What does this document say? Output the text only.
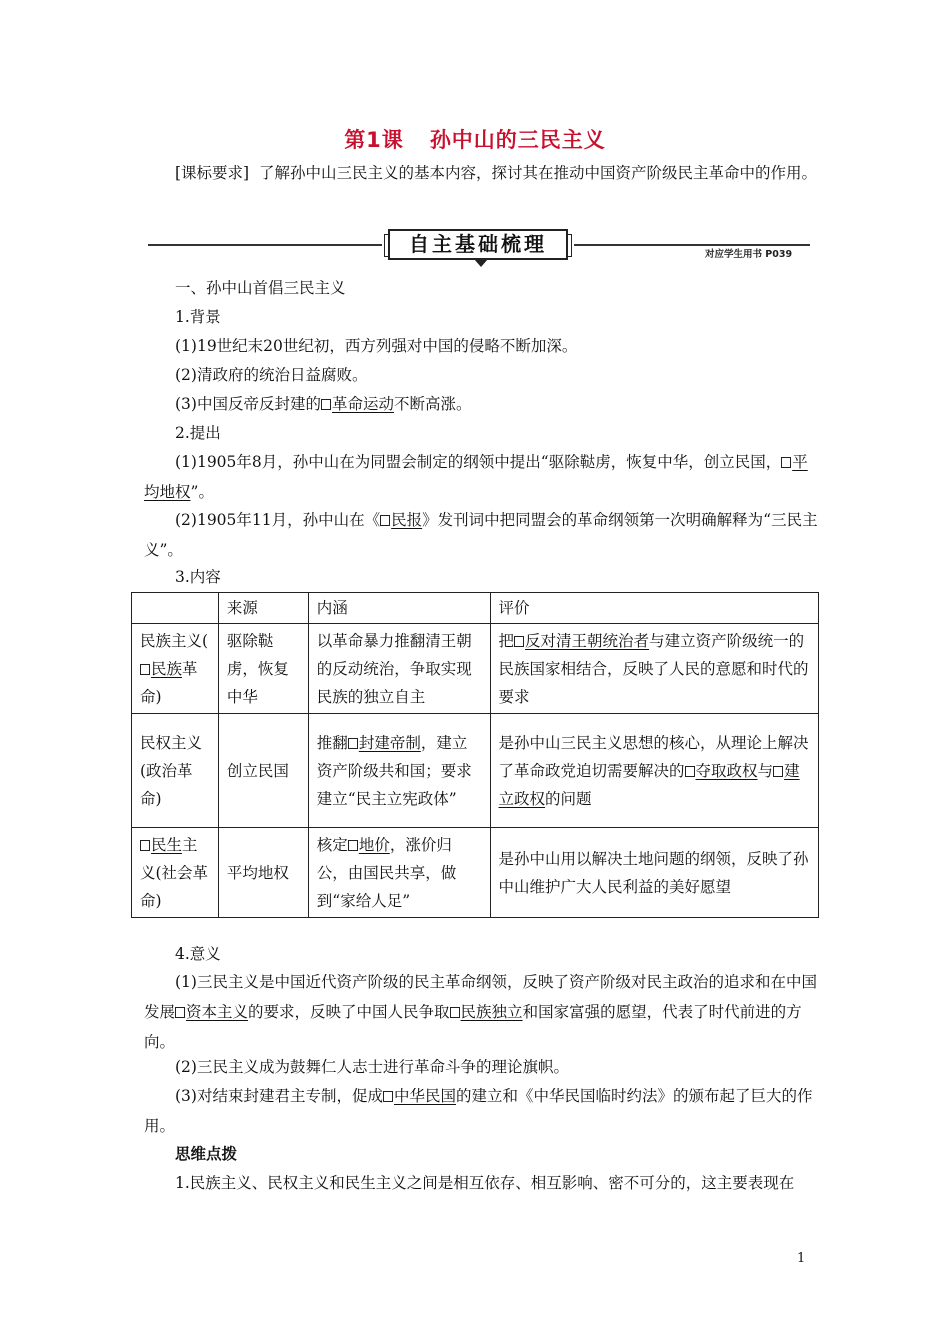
第1课 孙中山的三民主义

[课标要求] 了解孙中山三民主义的基本内容，探讨其在推动中国资产阶级民主革命中的作用。

自主基础梳理	对应学生用书 P039

一、孙中山首倡三民主义

1.背景

(1)19世纪末20世纪初，西方列强对中国的侵略不断加深。

(2)清政府的统治日益腐败。

(3)中国反帝反封建的 革命运动不断高涨。

2.提出

(1)1905年8月，孙中山在为同盟会制定的纲领中提出“驱除鞑虏，恢复中华，创立民国， 平均地权”。

(2)1905年11月，孙中山在《 民报》发刊词中把同盟会的革命纲领第一次明确解释为“三民主义”。

3.内容

	来源	内涵	评价
民族主义(民族革命)	驱除鞑虏，恢复中华	以革命暴力推翻清王朝的反动统治，争取实现民族的独立自主	把 反对清王朝统治者与建立资产阶级统一的民族国家相结合，反映了人民的意愿和时代的要求
民权主义(政治革命)	创立民国	推翻 封建帝制，建立资产阶级共和国；要求建立“民主立宪政体”	是孙中山三民主义思想的核心，从理论上解决了革命政党迫切需要解决的 夺取政权与 建立政权的问题
民生主义(社会革命)	平均地权	核定 地价，涨价归公，由国民共享，做到“家给人足”	是孙中山用以解决土地问题的纲领，反映了孙中山维护广大人民利益的美好愿望

4.意义

(1)三民主义是中国近代资产阶级的民主革命纲领，反映了资产阶级对民主政治的追求和在中国发展 资本主义的要求，反映了中国人民争取 民族独立和国家富强的愿望，代表了时代前进的方向。

(2)三民主义成为鼓舞仁人志士进行革命斗争的理论旗帜。

(3)对结束封建君主专制，促成 中华民国的建立和《中华民国临时约法》的颁布起了巨大的作用。

思维点拨

1.民族主义、民权主义和民生主义之间是相互依存、相互影响、密不可分的，这主要表现在

1
